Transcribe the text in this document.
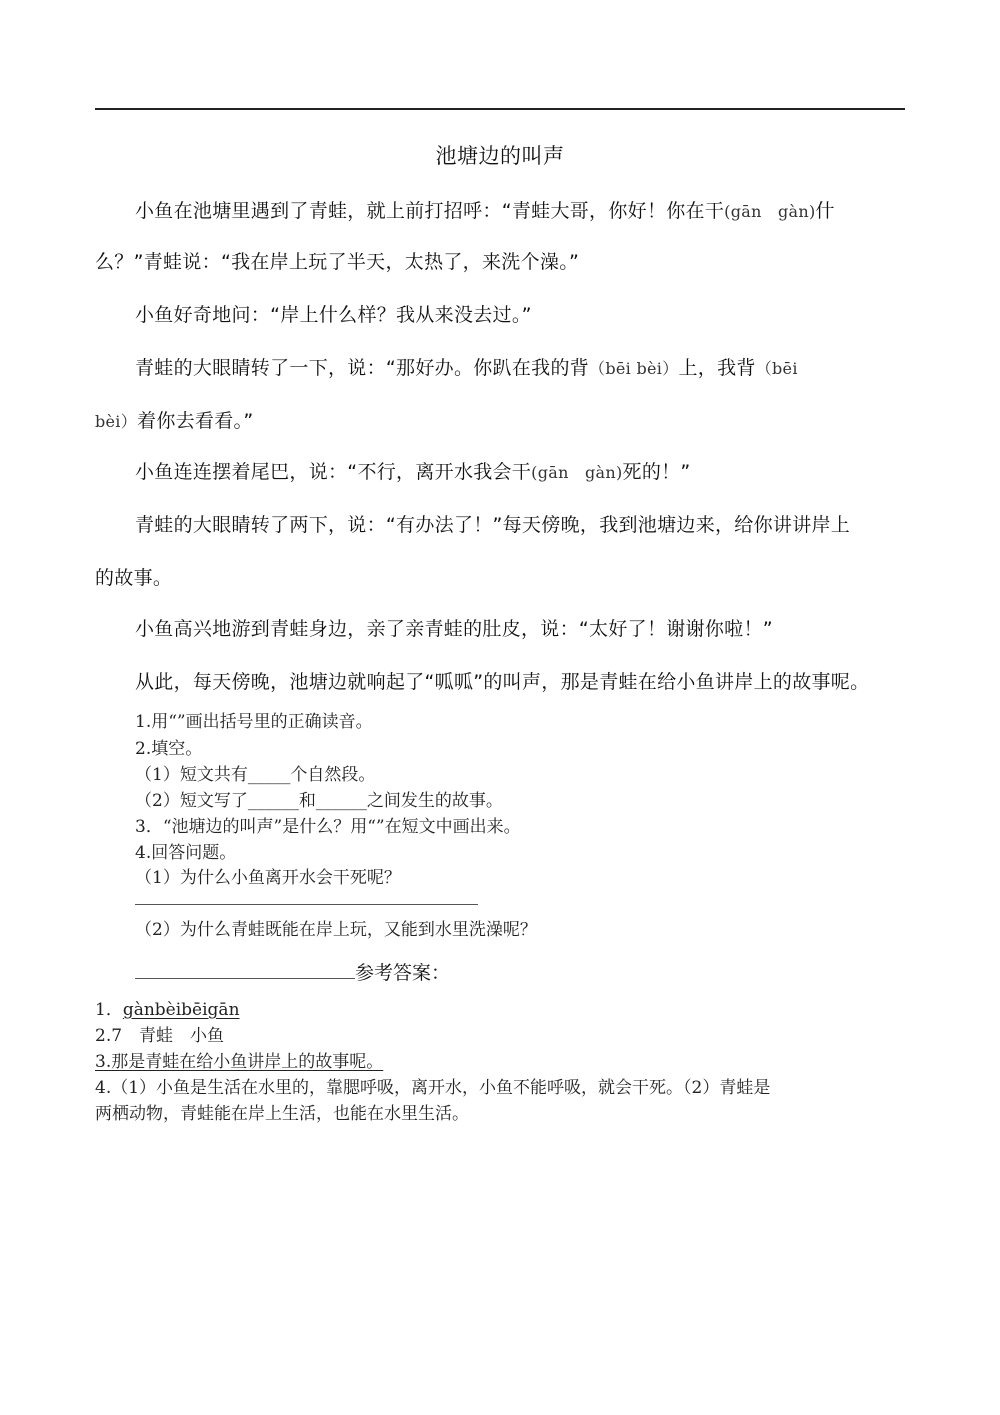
池塘边的叫声
小鱼在池塘里遇到了青蛙，就上前打招呼：“青蛙大哥，你好！你在干(gān　gàn)什
么？”青蛙说：“我在岸上玩了半天，太热了，来洗个澡。”
小鱼好奇地问：“岸上什么样？我从来没去过。”
青蛙的大眼睛转了一下，说：“那好办。你趴在我的背（bēi bèi）上，我背（bēi
bèi）着你去看看。”
小鱼连连摆着尾巴，说：“不行，离开水我会干(gān　gàn)死的！”
青蛙的大眼睛转了两下，说：“有办法了！”每天傍晚，我到池塘边来，给你讲讲岸上
的故事。
小鱼高兴地游到青蛙身边，亲了亲青蛙的肚皮，说：“太好了！谢谢你啦！”
从此，每天傍晚，池塘边就响起了“呱呱”的叫声，那是青蛙在给小鱼讲岸上的故事呢。
1.用“”画出括号里的正确读音。
2.填空。
（1）短文共有_____个自然段。
（2）短文写了______和______之间发生的故事。
3．“池塘边的叫声”是什么？用“”在短文中画出来。
4.回答问题。
（1）为什么小鱼离开水会干死呢？
（2）为什么青蛙既能在岸上玩，又能到水里洗澡呢？
参考答案：
1．gànbèibēigān
2.7　青蛙　小鱼
3.那是青蛙在给小鱼讲岸上的故事呢。
4.（1）小鱼是生活在水里的，靠腮呼吸，离开水，小鱼不能呼吸，就会干死。（2）青蛙是
两栖动物，青蛙能在岸上生活，也能在水里生活。
